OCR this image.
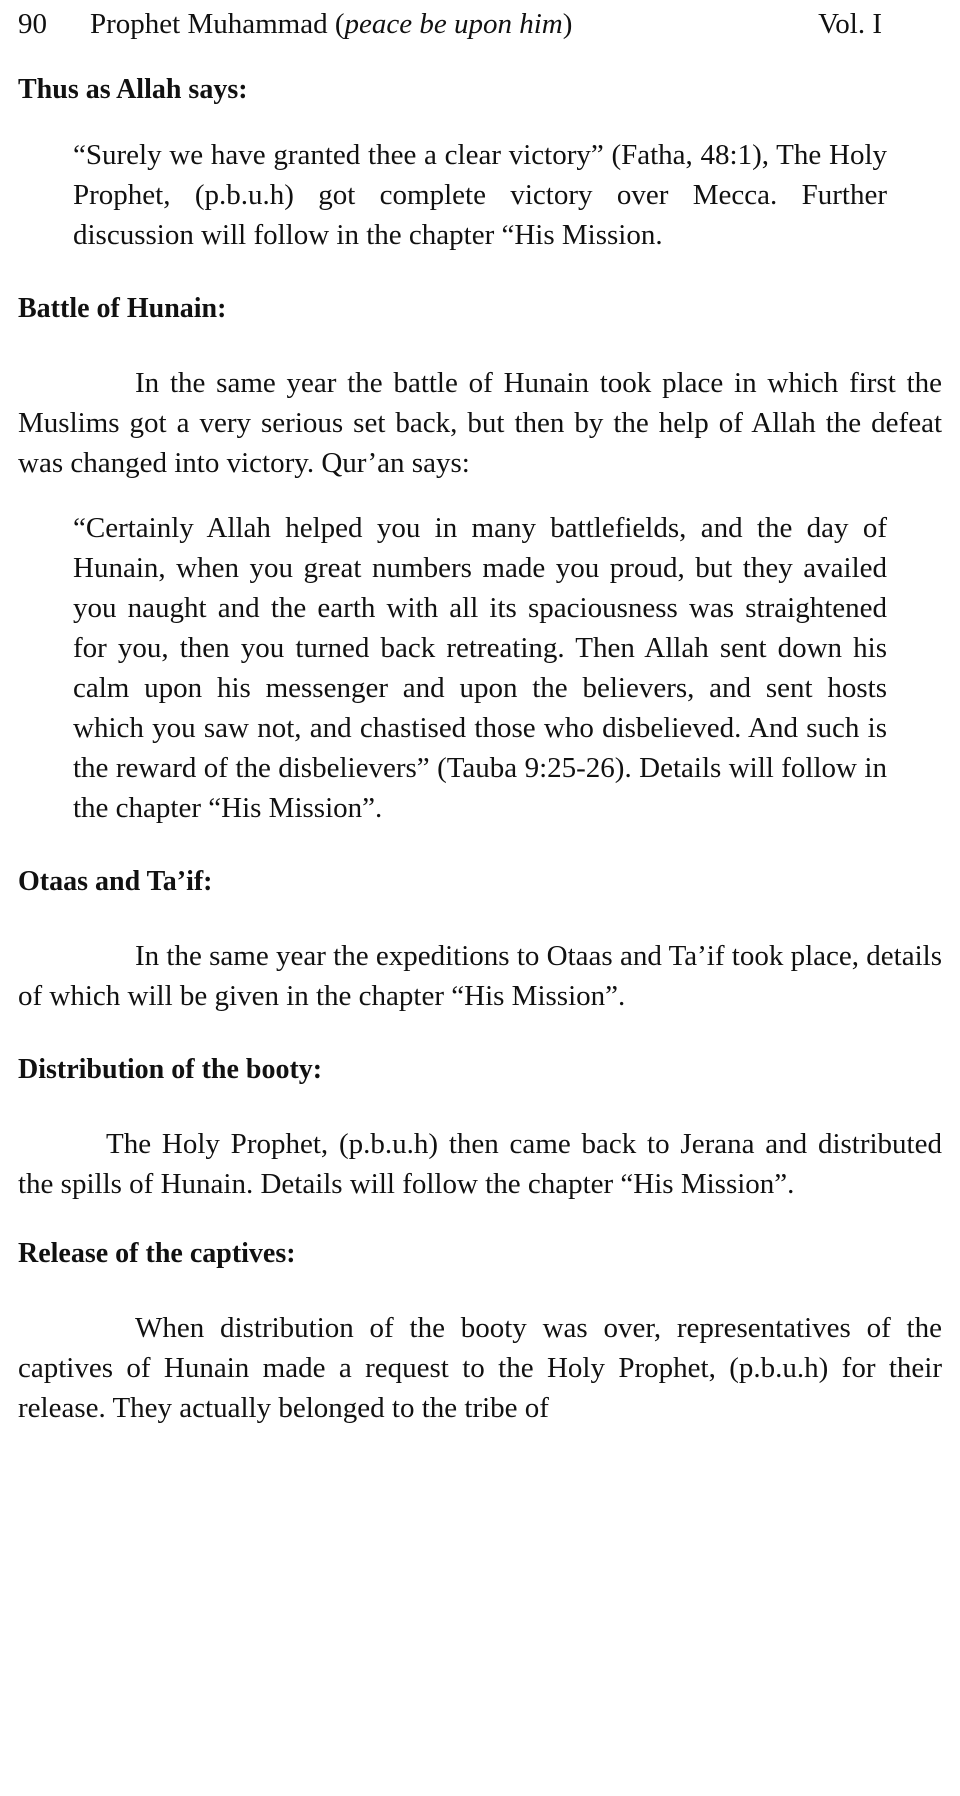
90	Prophet Muhammad (peace be upon him)	Vol. I
Thus as Allah says:

“Surely we have granted thee a clear victory” (Fatha, 48:1), The Holy Prophet, (p.b.u.h) got complete victory over Mecca. Further discussion will follow in the chapter “His Mission.

Battle of Hunain:

In the same year the battle of Hunain took place in which first the Muslims got a very serious set back, but then by the help of Allah the defeat was changed into victory. Qur’an says:

“Certainly Allah helped you in many battlefields, and the day of Hunain, when you great numbers made you proud, but they availed you naught and the earth with all its spaciousness was straightened for you, then you turned back retreating. Then Allah sent down his calm upon his messenger and upon the believers, and sent hosts which you saw not, and chastised those who disbelieved. And such is the reward of the disbelievers” (Tauba 9:25-26). Details will follow in the chapter “His Mission”.

Otaas and Ta’if:

In the same year the expeditions to Otaas and Ta’if took place, details of which will be given in the chapter “His Mission”.

Distribution of the booty:

The Holy Prophet, (p.b.u.h) then came back to Jerana and distributed the spills of Hunain. Details will follow the chapter “His Mission”.

Release of the captives:

When distribution of the booty was over, representatives of the captives of Hunain made a request to the Holy Prophet, (p.b.u.h) for their release. They actually belonged to the tribe of
